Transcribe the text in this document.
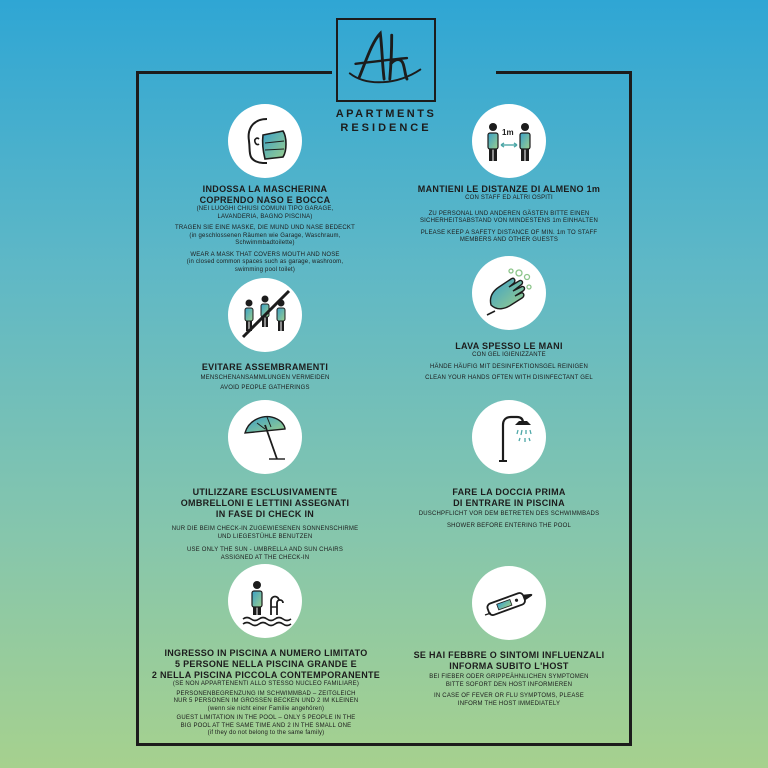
APARTMENTS
RESIDENCE

INDOSSA LA MASCHERINA

COPRENDO NASO E BOCCA

(NEI LUOGHI CHIUSI COMUNI TIPO GARAGE,

LAVANDERIA, BAGNO PISCINA)

TRAGEN SIE EINE MASKE, DIE MUND UND NASE BEDECKT

(in geschlossenen Räumen wie Garage, Waschraum,

Schwimmbadtoilette)

WEAR A MASK THAT COVERS MOUTH AND NOSE

(in closed common spaces such as garage, washroom,

swimming pool toilet)

1m

MANTIENI LE DISTANZE DI ALMENO 1m

CON STAFF ED ALTRI OSPITI

ZU PERSONAL UND ANDEREN GÄSTEN BITTE EINEN

SICHERHEITSABSTAND VON MINDESTENS 1m EINHALTEN

PLEASE KEEP A SAFETY DISTANCE OF MIN. 1m TO STAFF

MEMBERS AND OTHER GUESTS

EVITARE ASSEMBRAMENTI

MENSCHENANSAMMLUNGEN VERMEIDEN

AVOID PEOPLE GATHERINGS

LAVA SPESSO LE MANI

CON GEL IGIENIZZANTE

HÄNDE HÄUFIG MIT DESINFEKTIONSGEL REINIGEN

CLEAN YOUR HANDS OFTEN WITH DISINFECTANT GEL

UTILIZZARE ESCLUSIVAMENTE

OMBRELLONI E LETTINI ASSEGNATI

IN FASE DI CHECK IN

NUR DIE BEIM CHECK-IN ZUGEWIESENEN SONNENSCHIRME

UND LIEGESTÜHLE BENUTZEN

USE ONLY THE SUN - UMBRELLA AND SUN CHAIRS

ASSIGNED AT THE CHECK-IN

FARE LA DOCCIA PRIMA

DI ENTRARE IN PISCINA

DUSCHPFLICHT VOR DEM BETRETEN DES SCHWIMMBADS

SHOWER BEFORE ENTERING THE POOL

INGRESSO IN PISCINA A NUMERO LIMITATO

5 PERSONE NELLA PISCINA GRANDE E

2 NELLA PISCINA PICCOLA CONTEMPORANENTE

(SE NON APPARTENENTI ALLO STESSO NUCLEO FAMILIARE)

PERSONENBEGRENZUNG IM SCHWIMMBAD – ZEITGLEICH

NUR 5 PERSONEN IM GROSSEN BECKEN UND 2 IM KLEINEN

(wenn sie nicht einer Familie angehören)

GUEST LIMITATION IN THE POOL – ONLY 5 PEOPLE IN THE

BIG POOL AT THE SAME TIME AND 2 IN THE SMALL ONE

(if they do not belong to the same family)

SE HAI FEBBRE O SINTOMI INFLUENZALI

INFORMA SUBITO L'HOST

BEI FIEBER ODER GRIPPEÄHNLICHEN SYMPTOMEN

BITTE SOFORT DEN HOST INFORMIEREN

IN CASE OF FEVER OR FLU SYMPTOMS, PLEASE

INFORM THE HOST IMMEDIATELY
